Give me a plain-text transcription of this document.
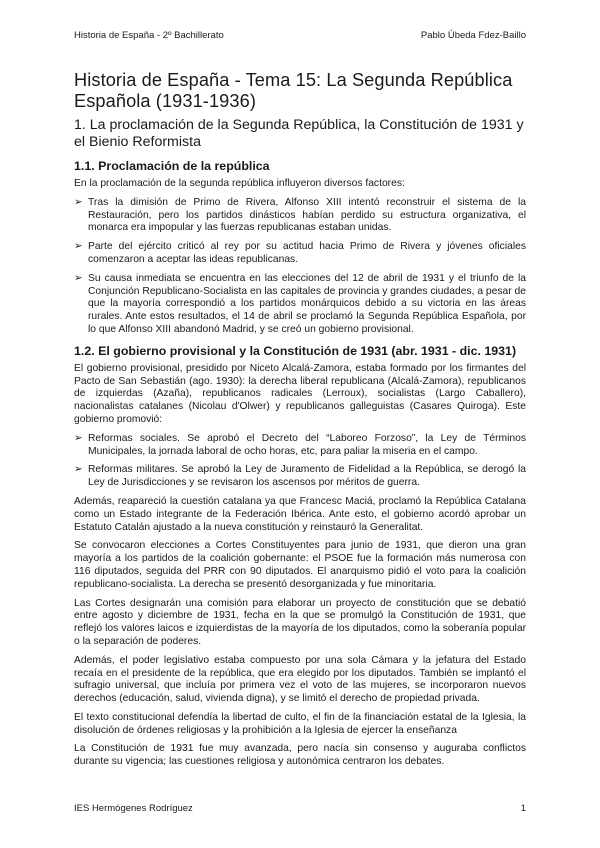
Historia de España - 2º Bachillerato	Pablo Úbeda Fdez-Baillo
Historia de España - Tema 15: La Segunda República Española (1931-1936)
1. La proclamación de la Segunda República, la Constitución de 1931 y el Bienio Reformista
1.1. Proclamación de la república

En la proclamación de la segunda república influyeron diversos factores:

➢ Tras la dimisión de Primo de Rivera, Alfonso XIII intentó reconstruir el sistema de la Restauración, pero los partidos dinásticos habían perdido su estructura organizativa, el monarca era impopular y las fuerzas republicanas estaban unidas.
➢ Parte del ejército criticó al rey por su actitud hacia Primo de Rivera y jóvenes oficiales comenzaron a aceptar las ideas republicanas.
➢ Su causa inmediata se encuentra en las elecciones del 12 de abril de 1931 y el triunfo de la Conjunción Republicano-Socialista en las capitales de provincia y grandes ciudades, a pesar de que la mayoría correspondió a los partidos monárquicos debido a su victoria en las áreas rurales. Ante estos resultados, el 14 de abril se proclamó la Segunda República Española, por lo que Alfonso XIII abandonó Madrid, y se creó un gobierno provisional.
1.2. El gobierno provisional y la Constitución de 1931 (abr. 1931 - dic. 1931)

El gobierno provisional, presidido por Niceto Alcalá-Zamora, estaba formado por los firmantes del Pacto de San Sebastián (ago. 1930): la derecha liberal republicana (Alcalá-Zamora), republicanos de izquierdas (Azaña), republicanos radicales (Lerroux), socialistas (Largo Caballero), nacionalistas catalanes (Nicolau d'Olwer) y republicanos galleguistas (Casares Quiroga). Este gobierno promovió:

➢ Reformas sociales. Se aprobó el Decreto del “Laboreo Forzoso”, la Ley de Términos Municipales, la jornada laboral de ocho horas, etc, para paliar la miseria en el campo.
➢ Reformas militares. Se aprobó la Ley de Juramento de Fidelidad a la República, se derogó la Ley de Jurisdicciones y se revisaron los ascensos por méritos de guerra.

Además, reapareció la cuestión catalana ya que Francesc Maciá, proclamó la República Catalana como un Estado integrante de la Federación Ibérica. Ante esto, el gobierno acordó aprobar un Estatuto Catalán ajustado a la nueva constitución y reinstauró la Generalitat.

Se convocaron elecciones a Cortes Constituyentes para junio de 1931, que dieron una gran mayoría a los partidos de la coalición gobernante: el PSOE fue la formación más numerosa con 116 diputados, seguida del PRR con 90 diputados. El anarquismo pidió el voto para la coalición republicano-socialista. La derecha se presentó desorganizada y fue minoritaria.

Las Cortes designarán una comisión para elaborar un proyecto de constitución que se debatió entre agosto y diciembre de 1931, fecha en la que se promulgó la Constitución de 1931, que reflejó los valores laicos e izquierdistas de la mayoría de los diputados, como la soberanía popular o la separación de poderes.

Además, el poder legislativo estaba compuesto por una sola Cámara y la jefatura del Estado recaía en el presidente de la república, que era elegido por los diputados. También se implantó el sufragio universal, que incluía por primera vez el voto de las mujeres, se incorporaron nuevos derechos (educación, salud, vivienda digna), y se limitó el derecho de propiedad privada.

El texto constitucional defendía la libertad de culto, el fin de la financiación estatal de la Iglesia, la disolución de órdenes religiosas y la prohibición a la Iglesia de ejercer la enseñanza

La Constitución de 1931 fue muy avanzada, pero nacía sin consenso y auguraba conflictos durante su vigencia; las cuestiones religiosa y autonómica centraron los debates.

IES Hermógenes Rodríguez	1
